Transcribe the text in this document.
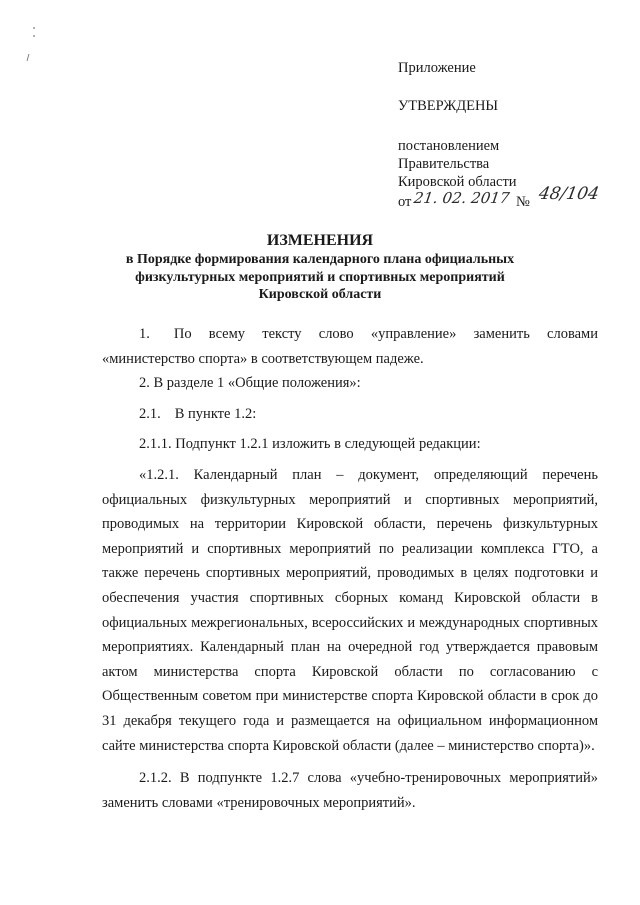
Приложение
УТВЕРЖДЕНЫ
постановлением
Правительства
Кировской области
от 21. 02. 2017 № 48/104
ИЗМЕНЕНИЯ
в Порядке формирования календарного плана официальных
физкультурных мероприятий и спортивных мероприятий
Кировской области

1. По всему тексту слово «управление» заменить словами «министерство спорта» в соответствующем падеже.

2. В разделе 1 «Общие положения»:

2.1. В пункте 1.2:

2.1.1. Подпункт 1.2.1 изложить в следующей редакции:

«1.2.1. Календарный план – документ, определяющий перечень официальных физкультурных мероприятий и спортивных мероприятий, проводимых на территории Кировской области, перечень физкультурных мероприятий и спортивных мероприятий по реализации комплекса ГТО, а также перечень спортивных мероприятий, проводимых в целях подготовки и обеспечения участия спортивных сборных команд Кировской области в официальных межрегиональных, всероссийских и международных спортивных мероприятиях. Календарный план на очередной год утверждается правовым актом министерства спорта Кировской области по согласованию с Общественным советом при министерстве спорта Кировской области в срок до 31 декабря текущего года и размещается на официальном информационном сайте министерства спорта Кировской области (далее – министерство спорта)».

2.1.2. В подпункте 1.2.7 слова «учебно-тренировочных мероприятий» заменить словами «тренировочных мероприятий».
